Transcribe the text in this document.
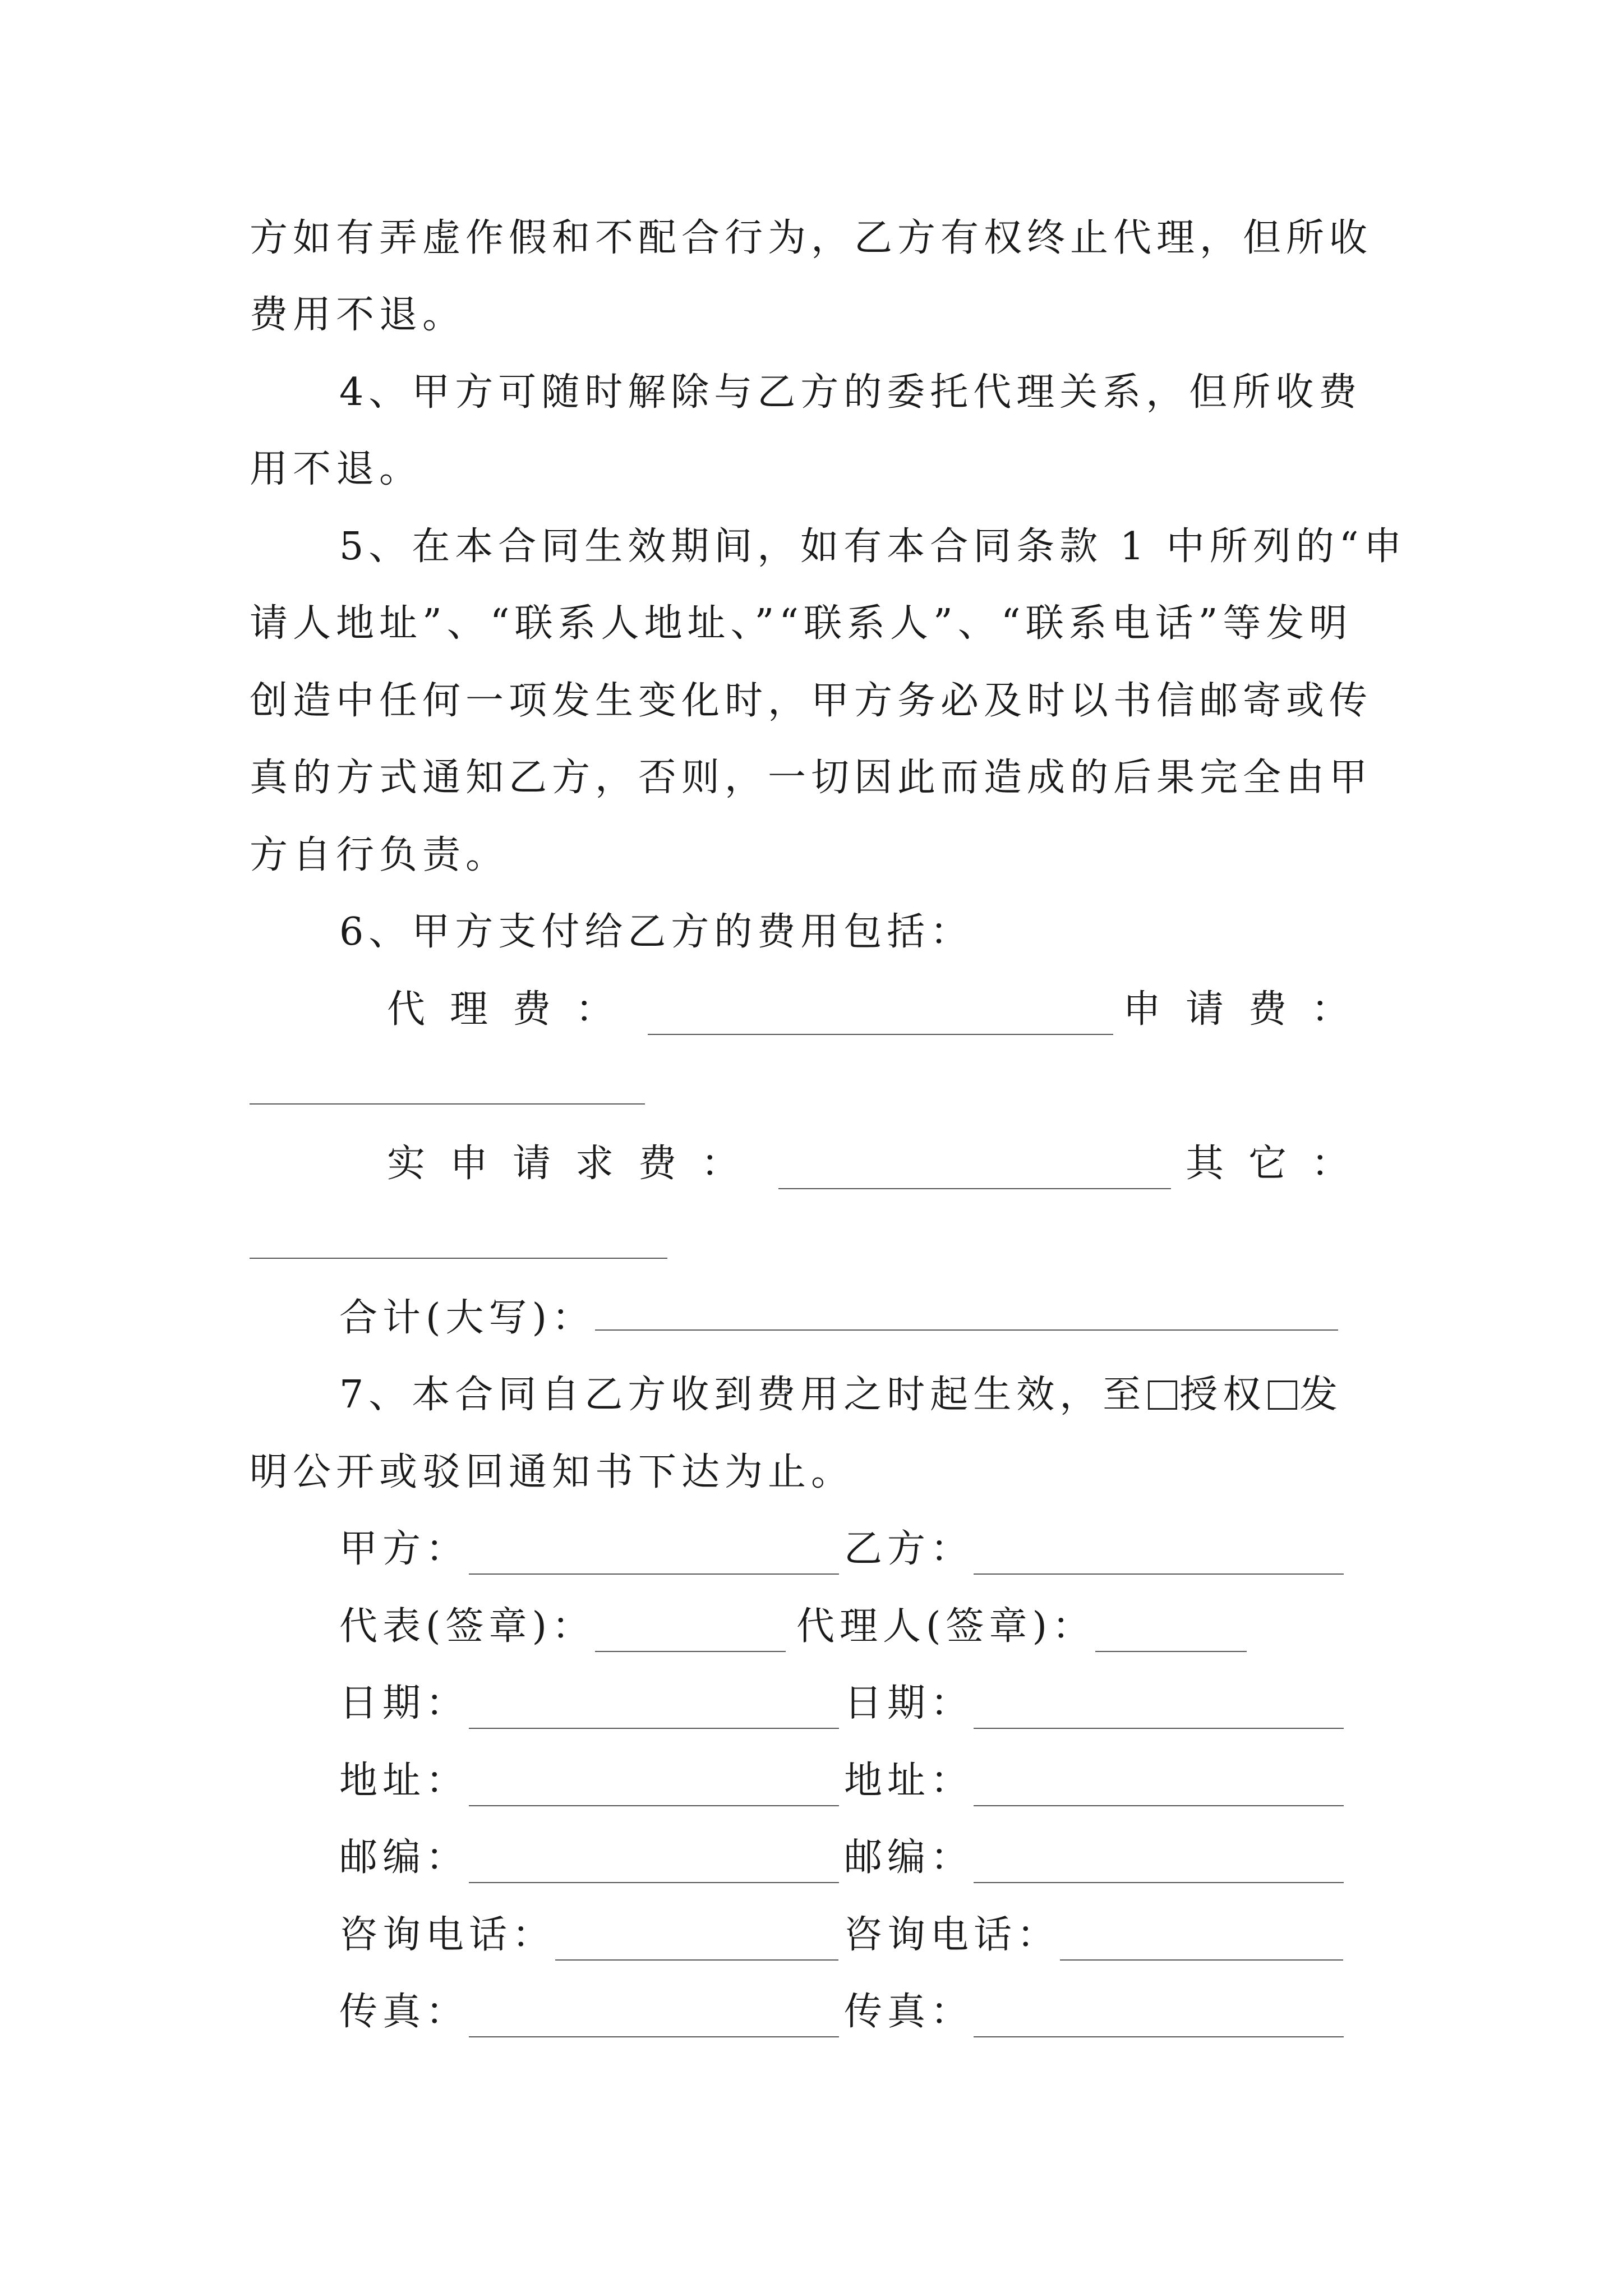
方如有弄虚作假和不配合行为，乙方有权终止代理，但所收
费用不退。
4、甲方可随时解除与乙方的委托代理关系，但所收费
用不退。
5、在本合同生效期间，如有本合同条款 1 中所列的“申
请人地址”、“联系人地址、”“联系人”、“联系电话”等发明
创造中任何一项发生变化时，甲方务必及时以书信邮寄或传
真的方式通知乙方，否则，一切因此而造成的后果完全由甲
方自行负责。
6、甲方支付给乙方的费用包括：
代理费：	申请费：
实申请求费：	其它：
合计(大写)：
7、本合同自乙方收到费用之时起生效，至 授权 发
明公开或驳回通知书下达为止。
甲方：	乙方：
代表(签章)：	代理人(签章)：
日期：	日期：
地址：	地址：
邮编：	邮编：
咨询电话：	咨询电话：
传真：	传真：
